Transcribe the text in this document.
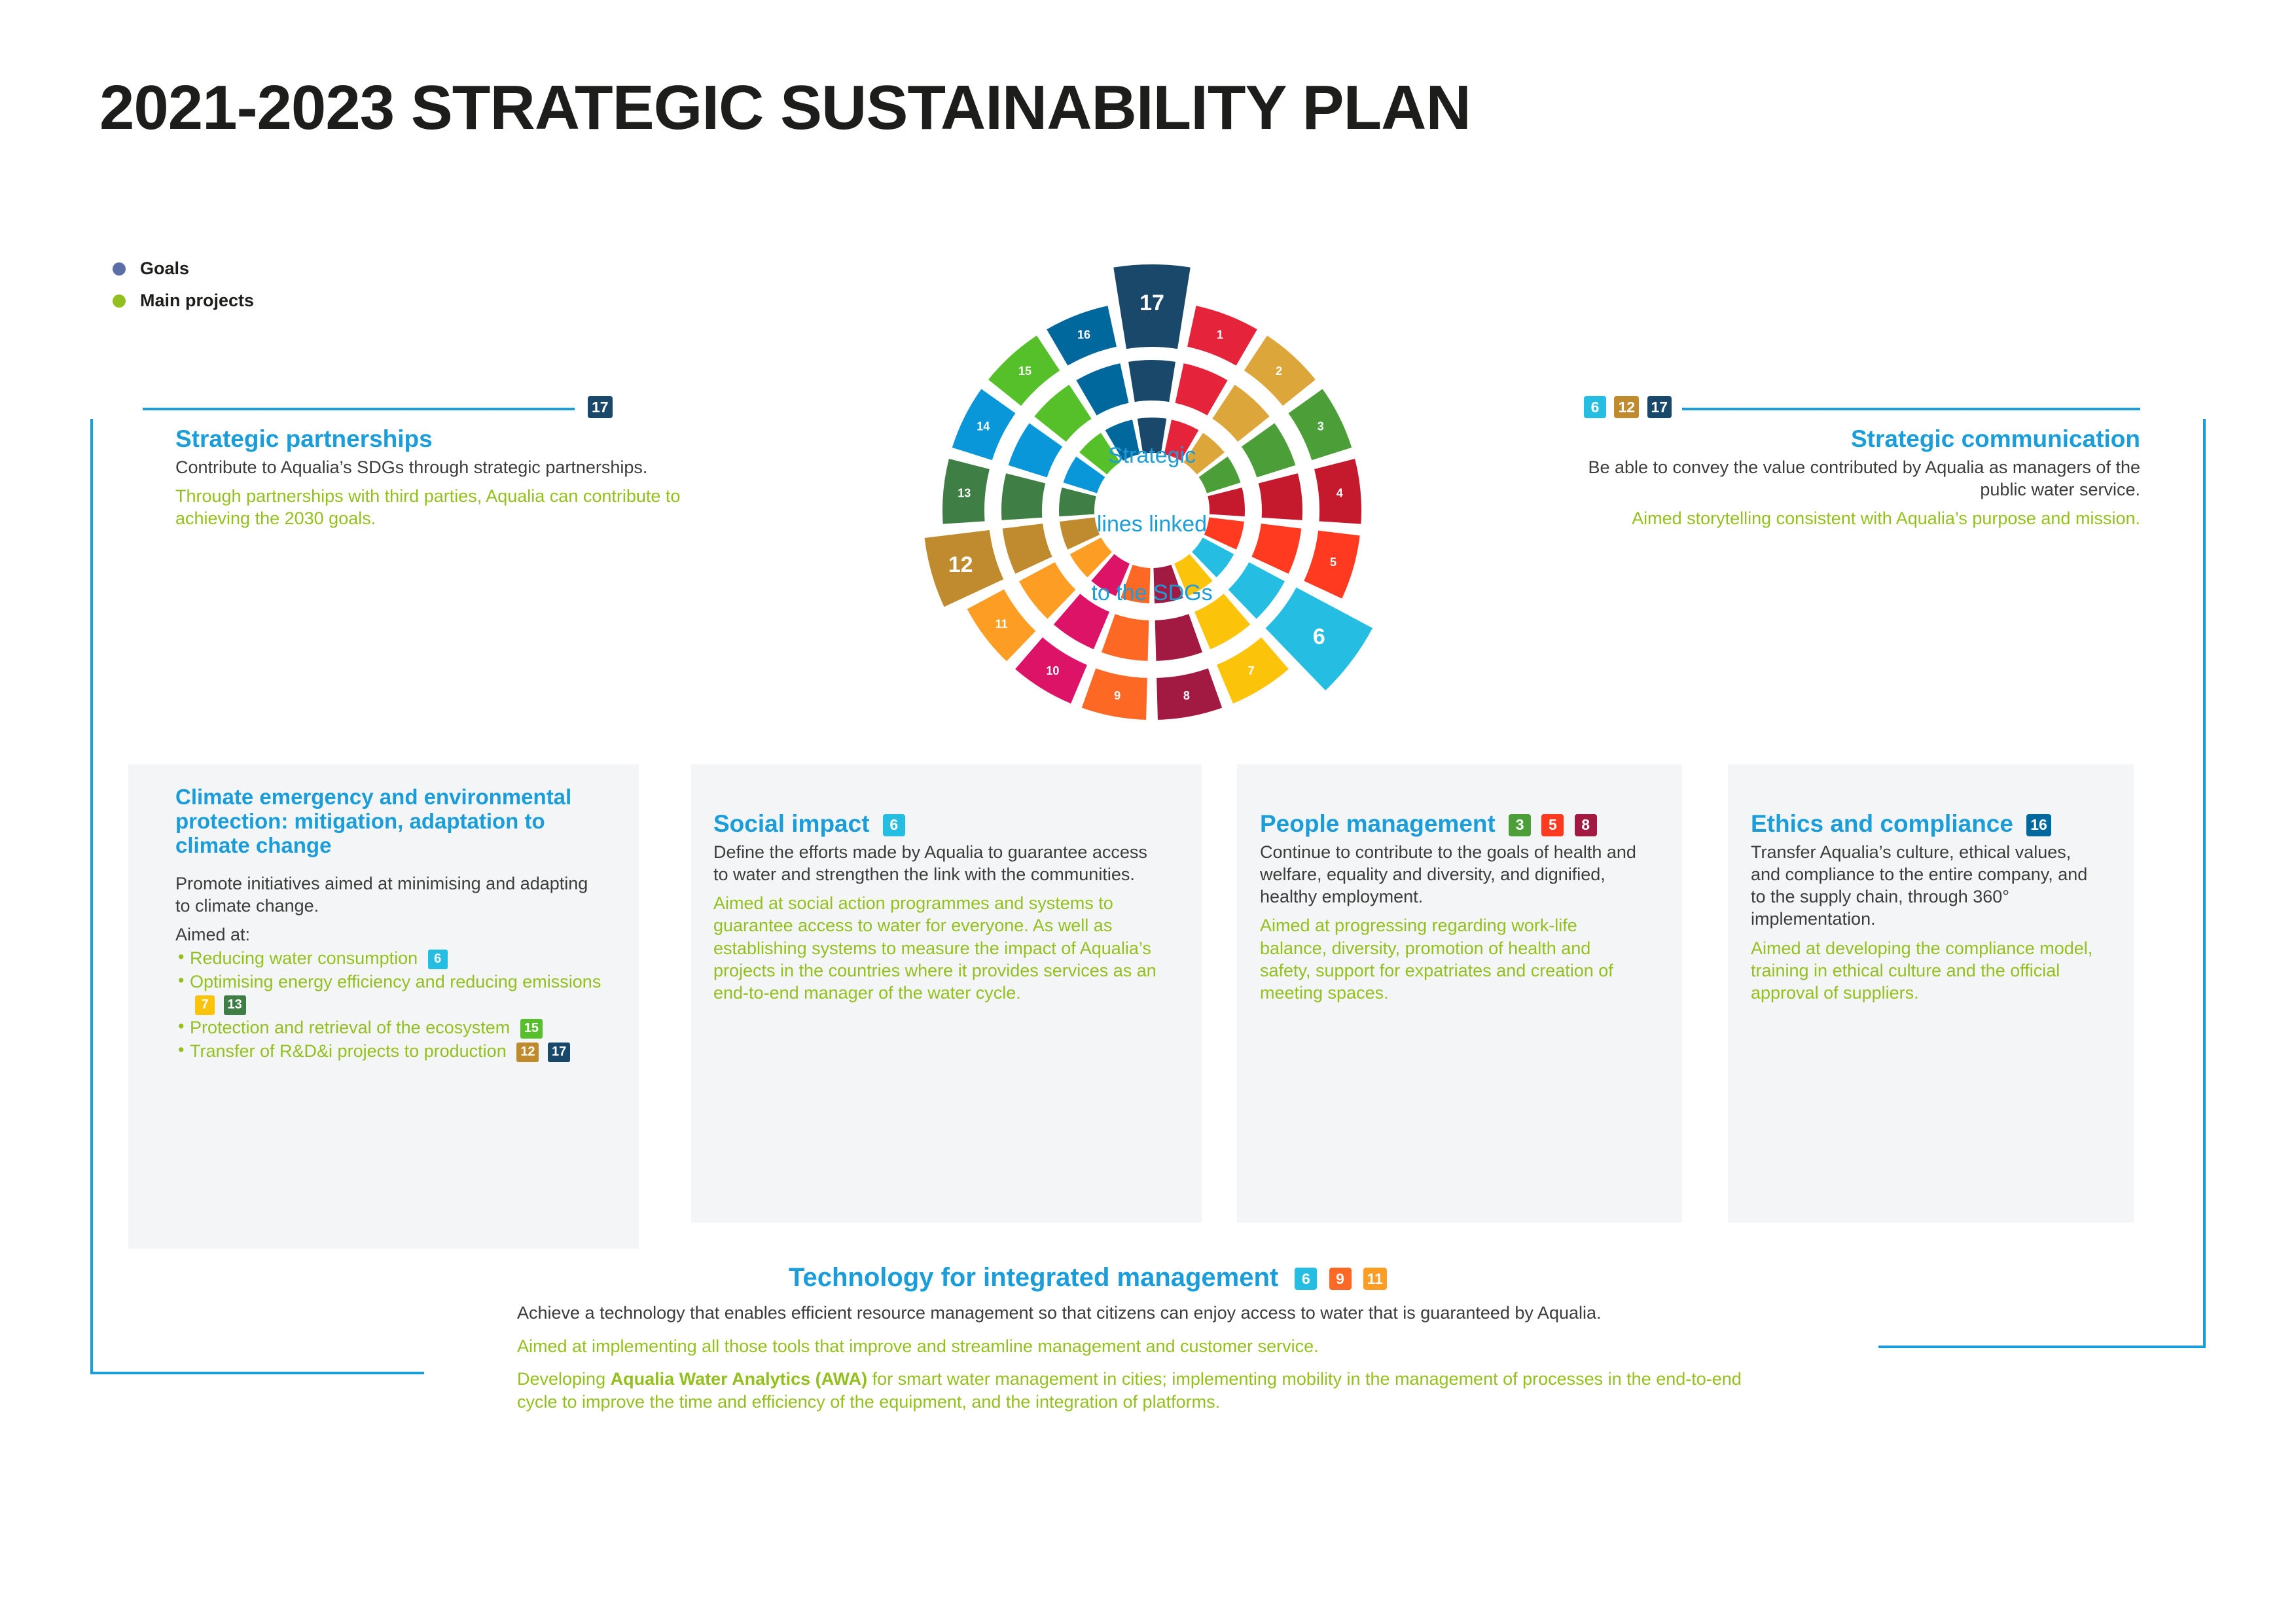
2021-2023 STRATEGIC SUSTAINABILITY PLAN
Goals
Main projects
17	6 12 17
Strategic partnerships

Contribute to Aqualia’s SDGs through strategic partnerships.

Through partnerships with third parties, Aqualia can contribute to achieving the 2030 goals.

Strategic communication

Be able to convey the value contributed by Aqualia as managers of the public water service.

Aimed storytelling consistent with Aqualia’s purpose and mission.

1
2
3
4
5
6
7
8
9
10
11
12
13
14
15
16
17
Strategic

lines linked

to the SDGs
Climate emergency and environmental protection: mitigation, adaptation to climate change

Promote initiatives aimed at minimising and adapting to climate change.

Aimed at:

• Reducing water consumption 6
• Optimising energy efficiency and reducing emissions 7 13
• Protection and retrieval of the ecosystem 15
• Transfer of R&D&i projects to production 12 17
Social impact 6

Define the efforts made by Aqualia to guarantee access to water and strengthen the link with the communities.

Aimed at social action programmes and systems to guarantee access to water for everyone. As well as establishing systems to measure the impact of Aqualia’s projects in the countries where it provides services as an end-to-end manager of the water cycle.

People management 3 5 8

Continue to contribute to the goals of health and welfare, equality and diversity, and dignified, healthy employment.

Aimed at progressing regarding work-life balance, diversity, promotion of health and safety, support for expatriates and creation of meeting spaces.

Ethics and compliance 16

Transfer Aqualia’s culture, ethical values, and compliance to the entire company, and to the supply chain, through 360° implementation.

Aimed at developing the compliance model, training in ethical culture and the official approval of suppliers.

Technology for integrated management 6 9 11

Achieve a technology that enables efficient resource management so that citizens can enjoy access to water that is guaranteed by Aqualia.

Aimed at implementing all those tools that improve and streamline management and customer service.

Developing Aqualia Water Analytics (AWA) for smart water management in cities; implementing mobility in the management of processes in the end-to-end cycle to improve the time and efficiency of the equipment, and the integration of platforms.
